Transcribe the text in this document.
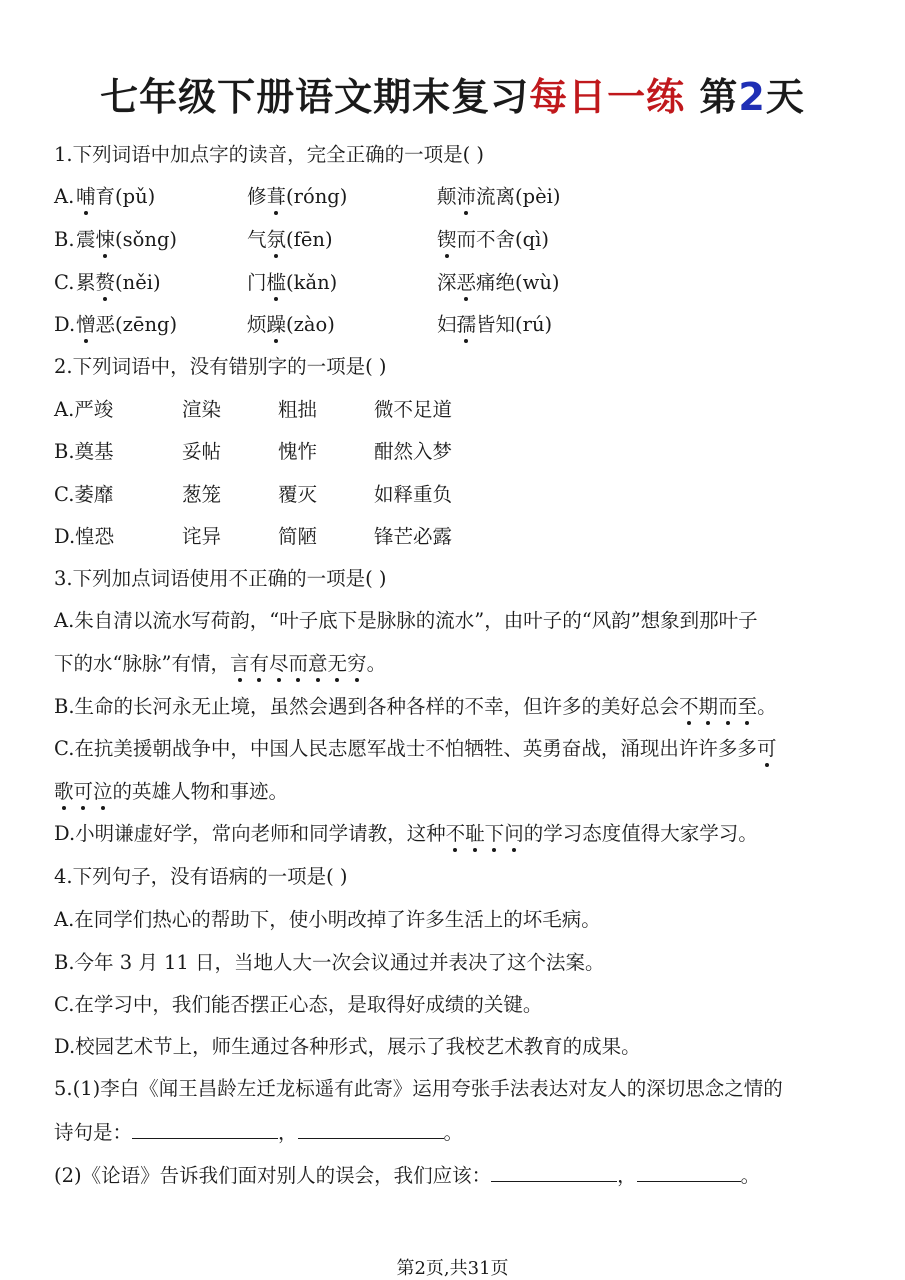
七年级下册语文期末复习每日一练 第2天
1.下列词语中加点字的读音，完全正确的一项是( )
A. 哺育(pǔ)	修葺(róng)	颠沛流离(pèi)
B. 震悚(sǒng)	气氛(fēn)	锲而不舍(qì)
C. 累赘(něi)	门槛(kǎn)	深恶痛绝(wù)
D. 憎恶(zēng)	烦躁(zào)	妇孺皆知(rú)
2.下列词语中，没有错别字的一项是( )
A.严竣	渲染	粗拙	微不足道
B.奠基	妥帖	愧怍	酣然入梦
C.萎靡	葱笼	覆灭	如释重负
D.惶恐	诧异	简陋	锋芒必露
3.下列加点词语使用不正确的一项是( )
A.朱自清以流水写荷韵，“叶子底下是脉脉的流水”，由叶子的“风韵”想象到那叶子
下的水“脉脉”有情，言有尽而意无穷。
B.生命的长河永无止境，虽然会遇到各种各样的不幸，但许多的美好总会不期而至。
C.在抗美援朝战争中，中国人民志愿军战士不怕牺牲、英勇奋战，涌现出许许多多可
歌可泣的英雄人物和事迹。
D.小明谦虚好学，常向老师和同学请教，这种不耻下问的学习态度值得大家学习。
4.下列句子，没有语病的一项是( )
A.在同学们热心的帮助下，使小明改掉了许多生活上的坏毛病。
B.今年 3 月 11 日，当地人大一次会议通过并表决了这个法案。
C.在学习中，我们能否摆正心态，是取得好成绩的关键。
D.校园艺术节上，师生通过各种形式，展示了我校艺术教育的成果。
5.(1)李白《闻王昌龄左迁龙标遥有此寄》运用夸张手法表达对友人的深切思念之情的
诗句是：	，	。
(2)《论语》告诉我们面对别人的误会，我们应该：	，	。
第2页,共31页
